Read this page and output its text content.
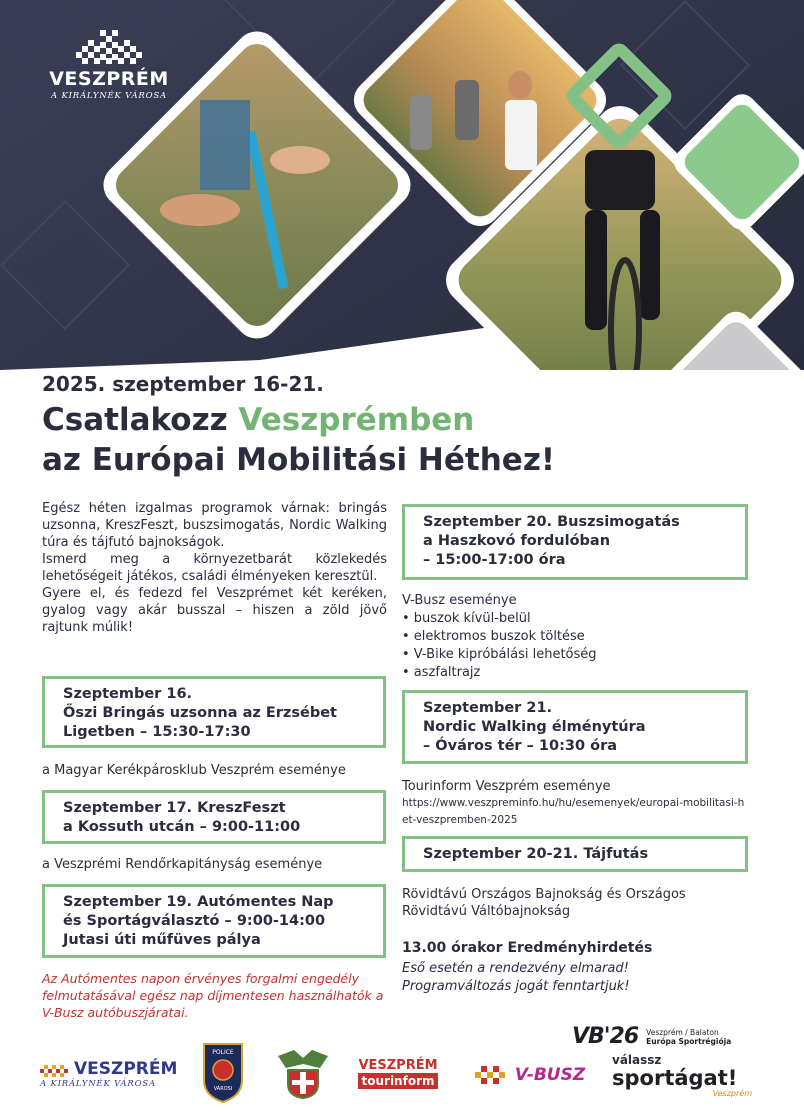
VESZPRÉM
A KIRÁLYNÉK VÁROSA
2025. szeptember 16-21.
Csatlakozz Veszprémben
az Európai Mobilitási Héthez!
Egész héten izgalmas programok várnak: bringás uzsonna, KreszFeszt, buszsimogatás, Nordic Walking túra és tájfutó bajnokságok.
Ismerd meg a környezetbarát közlekedés lehetőségeit játékos, családi élményeken keresztül.
Gyere el, és fedezd fel Veszprémet két keréken, gyalog vagy akár busszal – hiszen a zöld jövő rajtunk múlik!
Szeptember 16.
Őszi Bringás uzsonna az Erzsébet
Ligetben – 15:30-17:30
a Magyar Kerékpárosklub Veszprém eseménye
Szeptember 17. KreszFeszt
a Kossuth utcán – 9:00-11:00
a Veszprémi Rendőrkapitányság eseménye
Szeptember 19. Autómentes Nap
és Sportágválasztó – 9:00-14:00
Jutasi úti műfüves pálya
Az Autómentes napon érvényes forgalmi engedély felmutatásával egész nap díjmentesen használhatók a V-Busz autóbuszjáratai.
Szeptember 20. Buszsimogatás
a Haszkovó fordulóban
– 15:00-17:00 óra
V-Busz eseménye
• buszok kívül-belül
• elektromos buszok töltése
• V-Bike kipróbálási lehetőség
• aszfaltrajz
Szeptember 21.
Nordic Walking élménytúra
– Óváros tér – 10:30 óra
Tourinform Veszprém eseménye
https://www.veszpreminfo.hu/hu/esemenyek/europai-mobilitasi-het-veszpremben-2025
Szeptember 20-21. Tájfutás
Rövidtávú Országos Bajnokság és Országos Rövidtávú Váltóbajnokság
13.00 órakor Eredményhirdetés
Eső esetén a rendezvény elmarad!
Programváltozás jogát fenntartjuk!
VB'26 Veszprém / Balaton
Európa Sportrégiója
VESZPRÉM
A KIRÁLYNÉK VÁROSA
POLICE
VÁROSI
VESZPRÉM
tourinform	V-BUSZ
válassz
sportágat!
Veszprém
